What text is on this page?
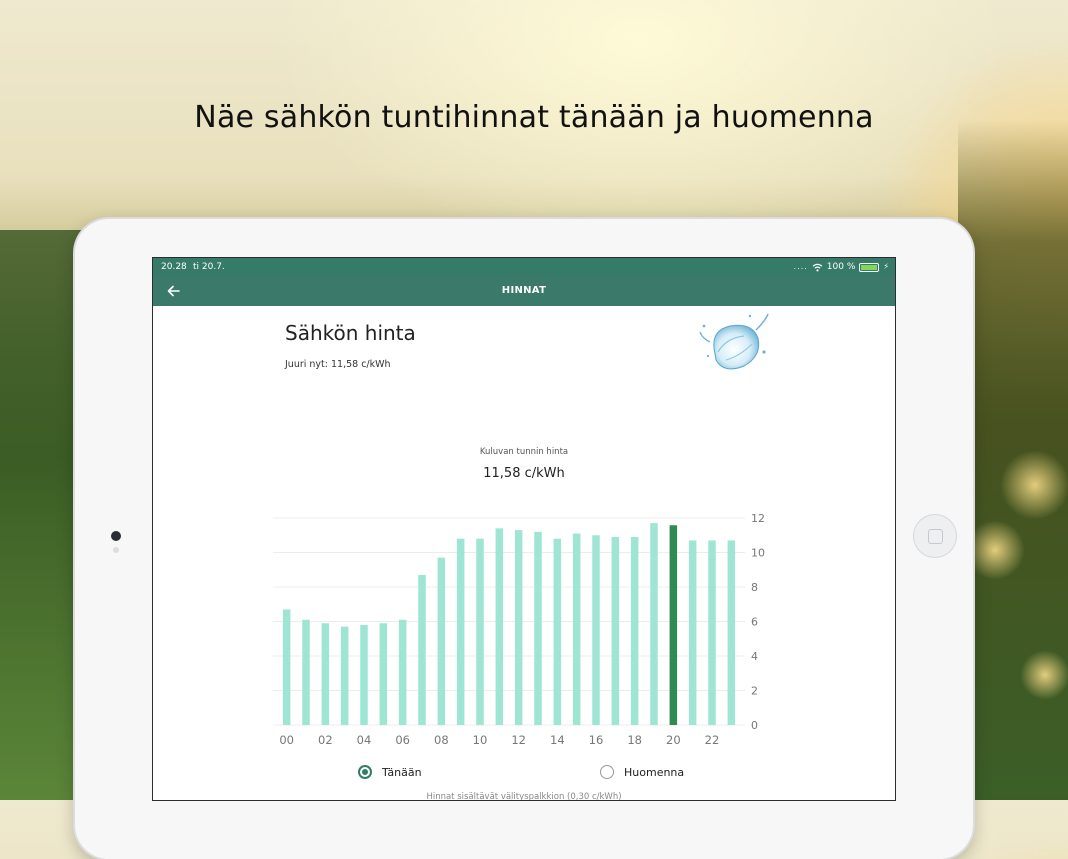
Näe sähkön tuntihinnat tänään ja huomenna
20.28 ti 20.7.	.... 100 %	⚡
HINNAT
Sähkön hinta
Juuri nyt: 11,58 c/kWh
Kuluvan tunnin hinta
11,58 c/kWh
0
2
4
6
8
10
12
00 02 04 06 08 10 12 14 16 18 20 22
Tänään	Huomenna
Hinnat sisältävät välityspalkkion (0,30 c/kWh)
